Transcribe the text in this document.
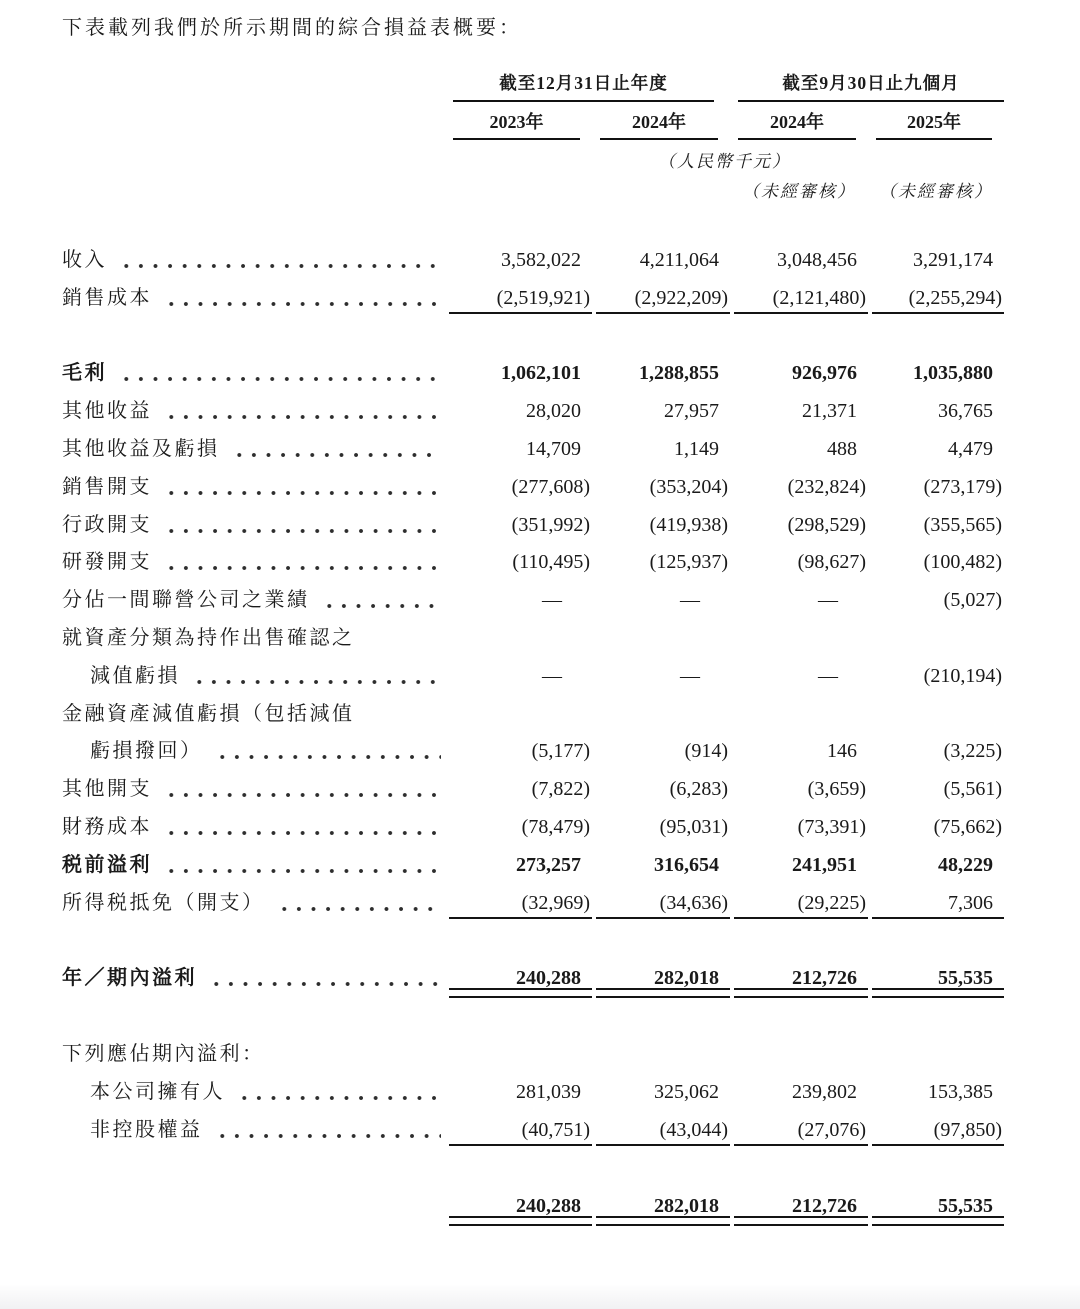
下表載列我們於所示期間的綜合損益表概要：
截至12月31日止年度	截至9月30日止九個月
2023年	2024年	2024年	2025年
（人民幣千元）
（未經審核）	（未經審核）
收入	3,582,022	4,211,064	3,048,456	3,291,174
銷售成本	(2,519,921)	(2,922,209)	(2,121,480)	(2,255,294)
毛利	1,062,101	1,288,855	926,976	1,035,880
其他收益	28,020	27,957	21,371	36,765
其他收益及虧損	14,709	1,149	488	4,479
銷售開支	(277,608)	(353,204)	(232,824)	(273,179)
行政開支	(351,992)	(419,938)	(298,529)	(355,565)
研發開支	(110,495)	(125,937)	(98,627)	(100,482)
分佔一間聯營公司之業績	—	—	—	(5,027)
就資產分類為持作出售確認之
減值虧損	—	—	—	(210,194)
金融資產減值虧損（包括減值
虧損撥回）	(5,177)	(914)	146	(3,225)
其他開支	(7,822)	(6,283)	(3,659)	(5,561)
財務成本	(78,479)	(95,031)	(73,391)	(75,662)
税前溢利	273,257	316,654	241,951	48,229
所得税抵免（開支）	(32,969)	(34,636)	(29,225)	7,306
年／期內溢利	240,288	282,018	212,726	55,535
下列應佔期內溢利：
本公司擁有人	281,039	325,062	239,802	153,385
非控股權益	(40,751)	(43,044)	(27,076)	(97,850)
240,288	282,018	212,726	55,535
